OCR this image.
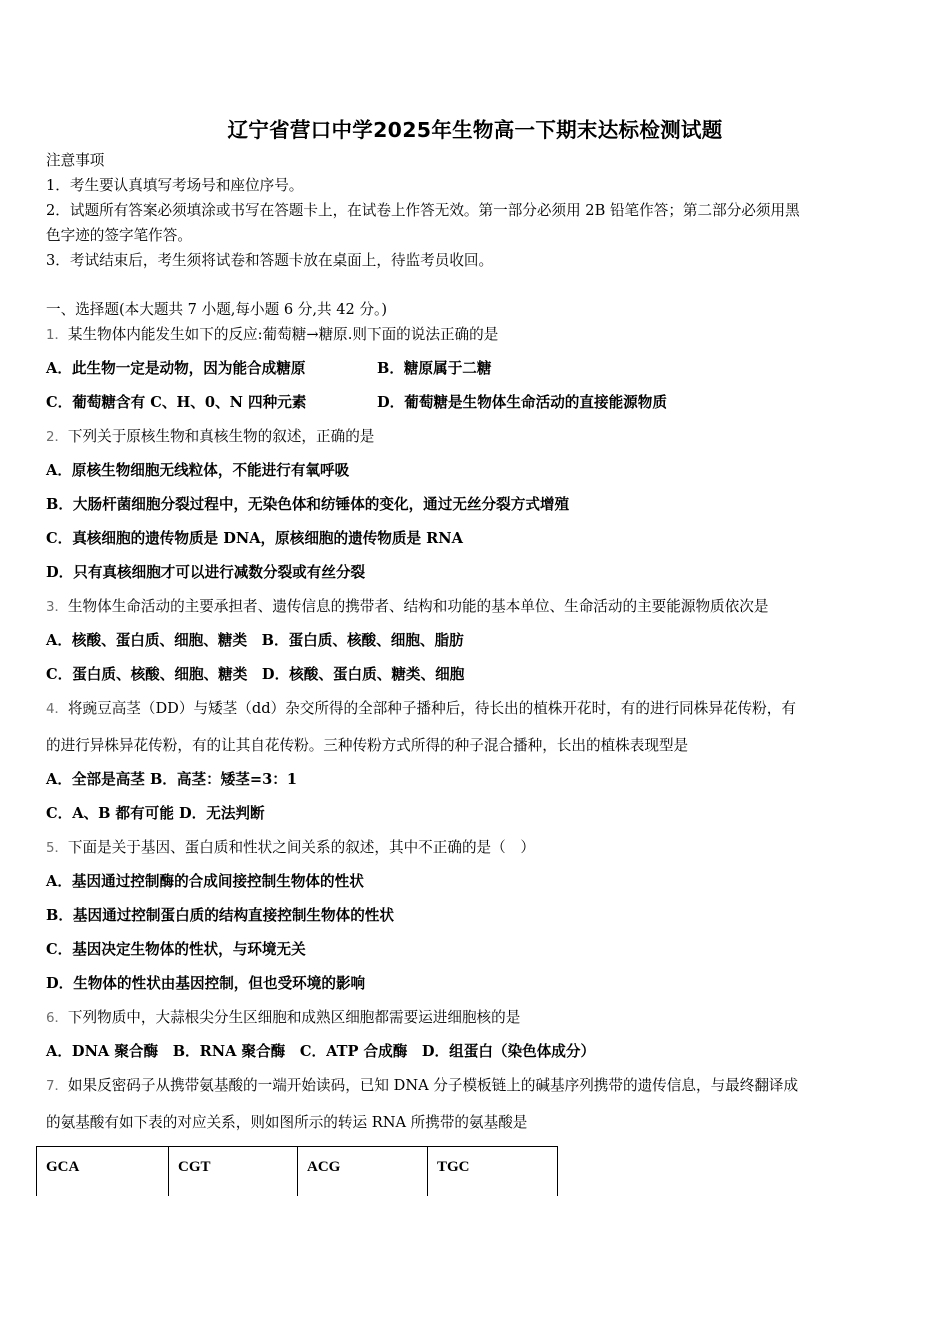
辽宁省营口中学2025年生物高一下期末达标检测试题
注意事项
1．考生要认真填写考场号和座位序号。
2．试题所有答案必须填涂或书写在答题卡上，在试卷上作答无效。第一部分必须用 2B 铅笔作答；第二部分必须用黑
色字迹的签字笔作答。
3．考试结束后，考生须将试卷和答题卡放在桌面上，待监考员收回。
一、选择题(本大题共 7 小题,每小题 6 分,共 42 分。)
1．某生物体内能发生如下的反应:葡萄糖→糖原.则下面的说法正确的是
A．此生物一定是动物，因为能合成糖原	B．糖原属于二糖
C．葡萄糖含有 C、H、0、N 四种元素	D．葡萄糖是生物体生命活动的直接能源物质
2．下列关于原核生物和真核生物的叙述，正确的是
A．原核生物细胞无线粒体，不能进行有氧呼吸
B．大肠杆菌细胞分裂过程中，无染色体和纺锤体的变化，通过无丝分裂方式增殖
C．真核细胞的遗传物质是 DNA，原核细胞的遗传物质是 RNA
D．只有真核细胞才可以进行减数分裂或有丝分裂
3．生物体生命活动的主要承担者、遗传信息的携带者、结构和功能的基本单位、生命活动的主要能源物质依次是
A．核酸、蛋白质、细胞、糖类　B．蛋白质、核酸、细胞、脂肪
C．蛋白质、核酸、细胞、糖类　D．核酸、蛋白质、糖类、细胞
4．将豌豆高茎（DD）与矮茎（dd）杂交所得的全部种子播种后，待长出的植株开花时，有的进行同株异花传粉，有
的进行异株异花传粉，有的让其自花传粉。三种传粉方式所得的种子混合播种，长出的植株表现型是
A．全部是高茎 B．高茎：矮茎=3：1
C．A、B 都有可能 D．无法判断
5．下面是关于基因、蛋白质和性状之间关系的叙述，其中不正确的是（　）
A．基因通过控制酶的合成间接控制生物体的性状
B．基因通过控制蛋白质的结构直接控制生物体的性状
C．基因决定生物体的性状，与环境无关
D．生物体的性状由基因控制，但也受环境的影响
6．下列物质中，大蒜根尖分生区细胞和成熟区细胞都需要运进细胞核的是
A．DNA 聚合酶　B．RNA 聚合酶　C．ATP 合成酶　D．组蛋白（染色体成分）
7．如果反密码子从携带氨基酸的一端开始读码，已知 DNA 分子模板链上的碱基序列携带的遗传信息，与最终翻译成
的氨基酸有如下表的对应关系，则如图所示的转运 RNA 所携带的氨基酸是
GCA	CGT	ACG	TGC
